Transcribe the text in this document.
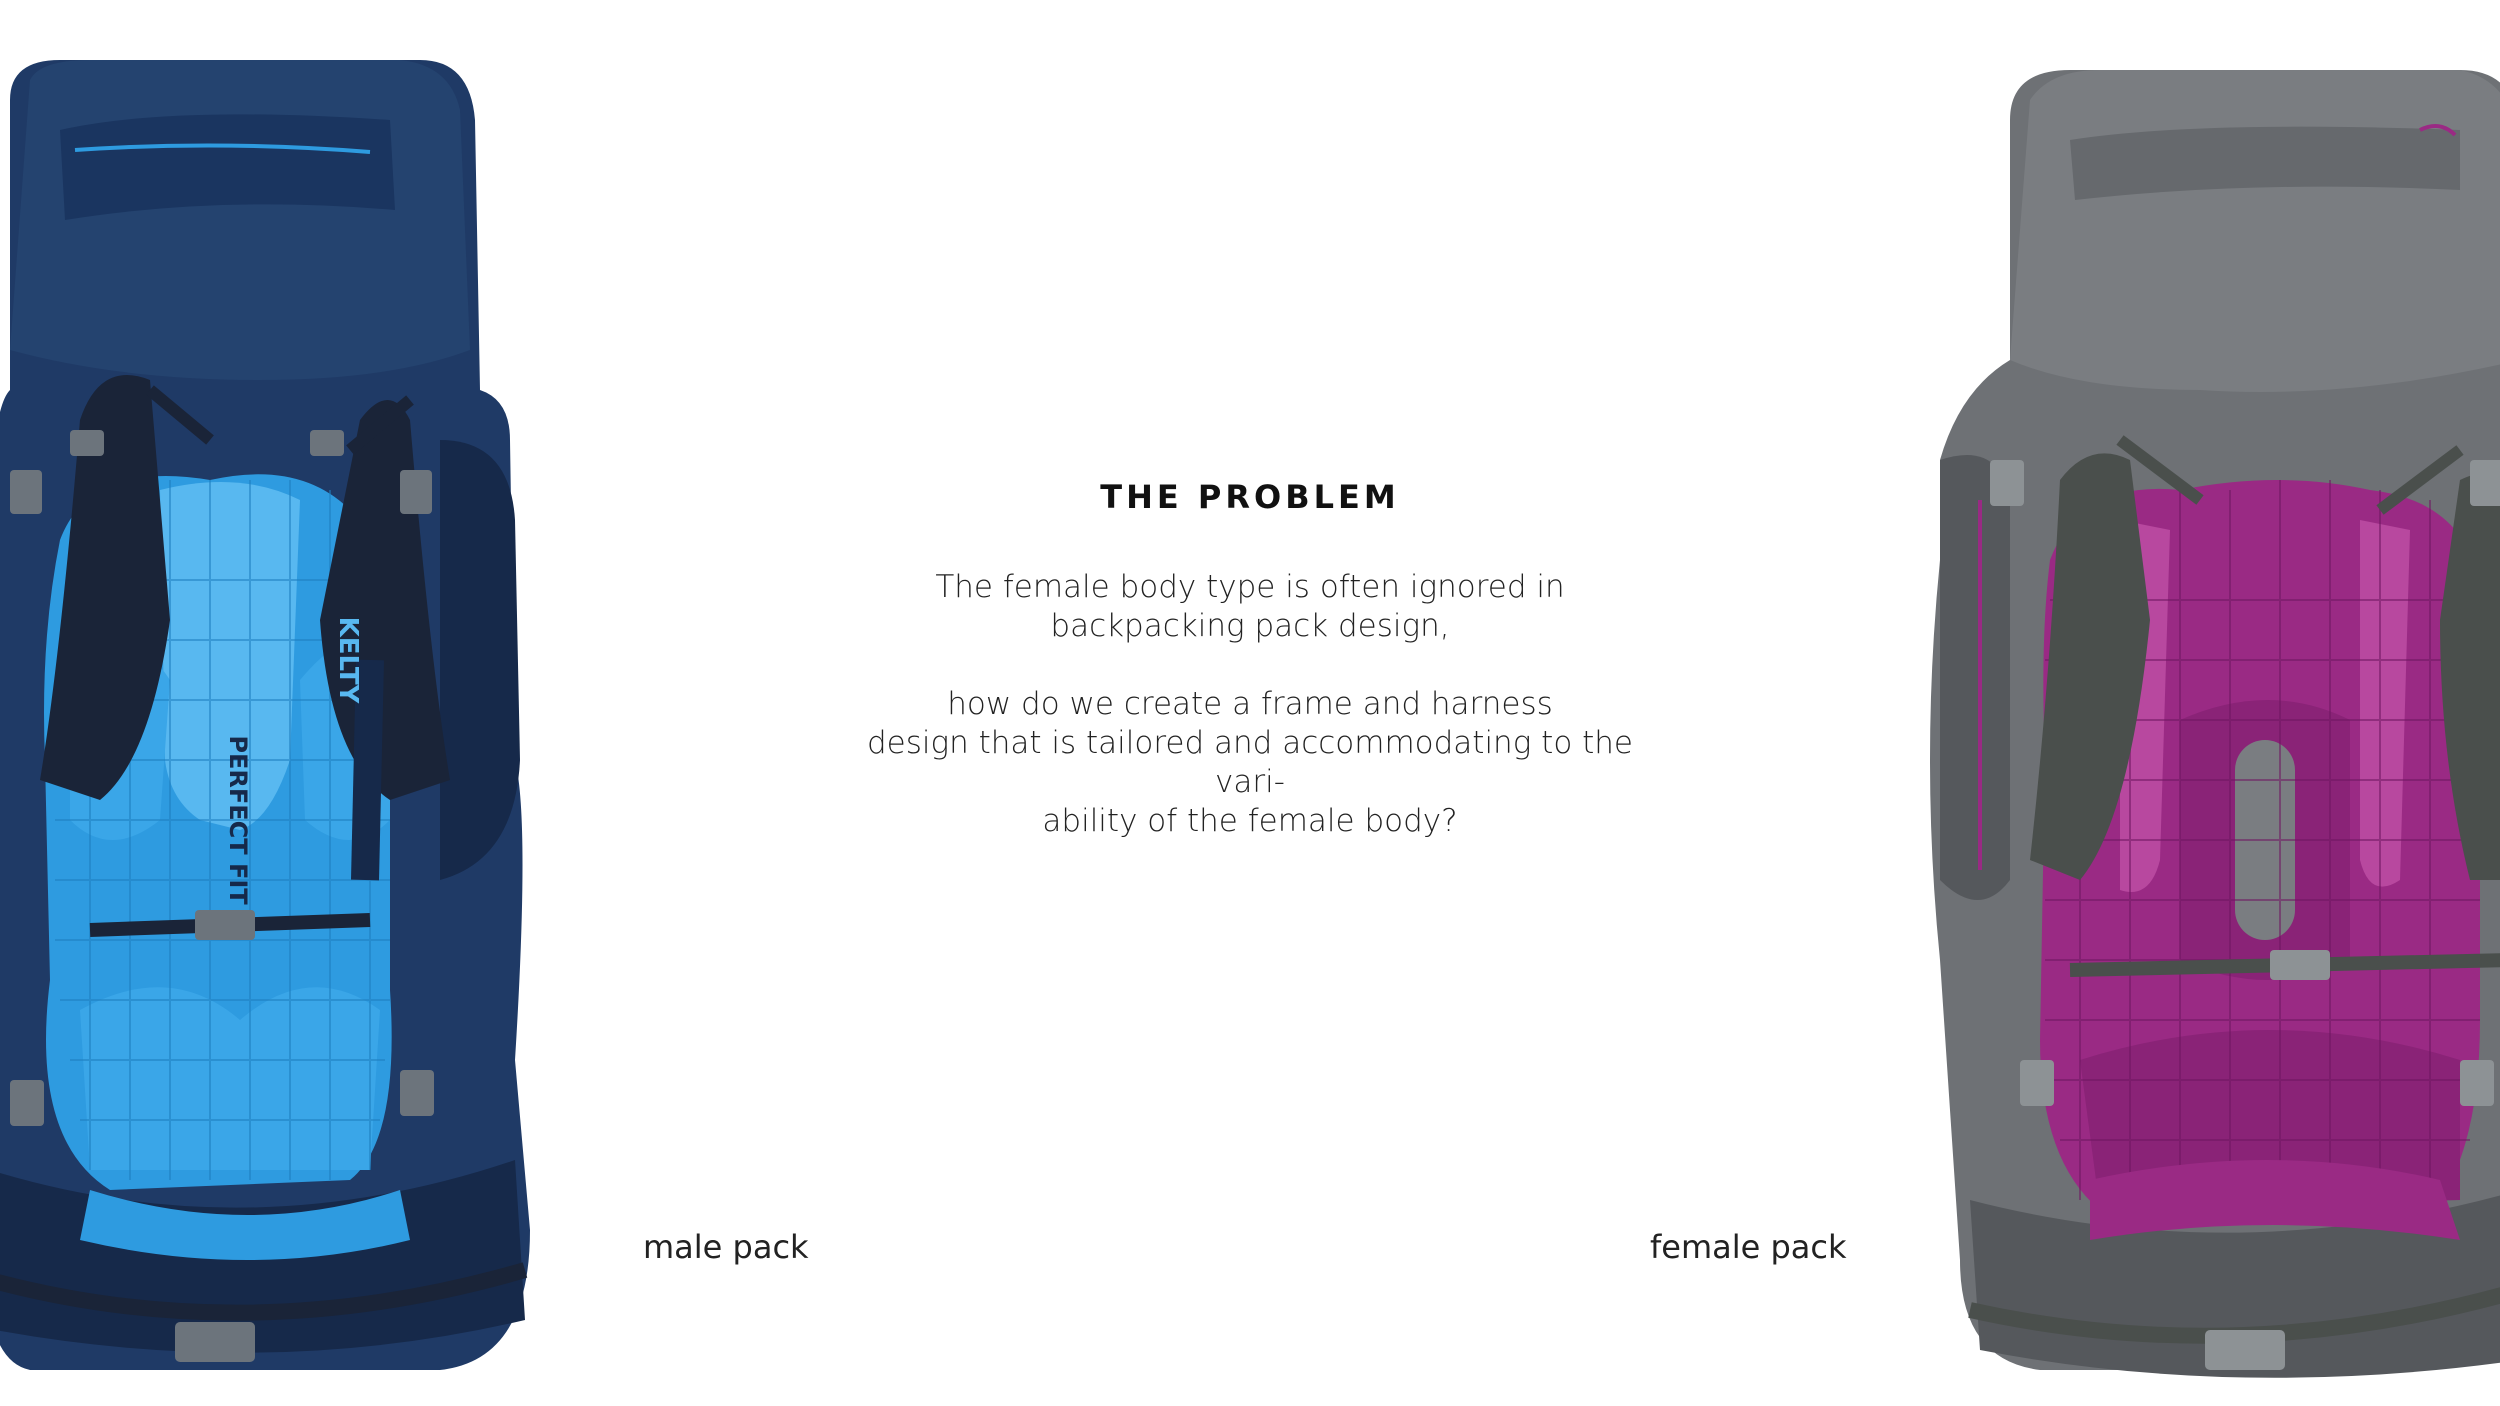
PERFECT FIT
KELTY
THE PROBLEM
The female body type is often ignored in
backpacking pack design,
how do we create a frame and harness
design that is tailored and accommodating to the vari-
ability of the female body?
male pack	female pack
